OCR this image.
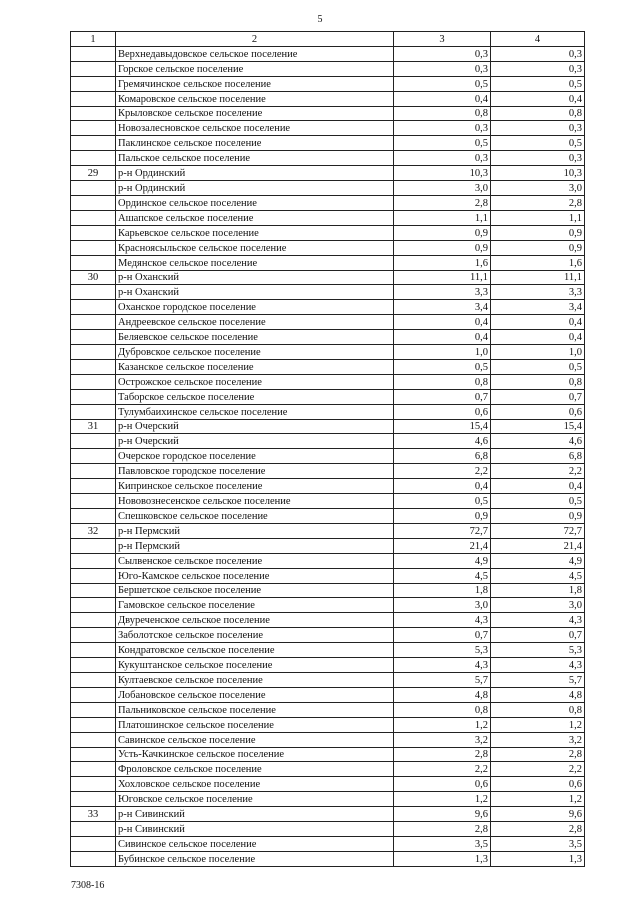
5
1	2	3	4
	Верхнедавыдовское сельское поселение	0,3	0,3
	Горское сельское поселение	0,3	0,3
	Гремячинское сельское поселение	0,5	0,5
	Комаровское сельское поселение	0,4	0,4
	Крыловское сельское поселение	0,8	0,8
	Новозалесновское сельское поселение	0,3	0,3
	Паклинское сельское поселение	0,5	0,5
	Пальское сельское поселение	0,3	0,3
29	р-н Ординский	10,3	10,3
	р-н Ординский	3,0	3,0
	Ординское сельское поселение	2,8	2,8
	Ашапское сельское поселение	1,1	1,1
	Карьевское сельское поселение	0,9	0,9
	Красноясыльское сельское поселение	0,9	0,9
	Медянское сельское поселение	1,6	1,6
30	р-н Оханский	11,1	11,1
	р-н Оханский	3,3	3,3
	Оханское городское поселение	3,4	3,4
	Андреевское сельское поселение	0,4	0,4
	Беляевское сельское поселение	0,4	0,4
	Дубровское сельское поселение	1,0	1,0
	Казанское сельское поселение	0,5	0,5
	Острожское сельское поселение	0,8	0,8
	Таборское сельское поселение	0,7	0,7
	Тулумбаихинское сельское поселение	0,6	0,6
31	р-н Очерский	15,4	15,4
	р-н Очерский	4,6	4,6
	Очерское городское поселение	6,8	6,8
	Павловское городское поселение	2,2	2,2
	Кипринское сельское поселение	0,4	0,4
	Нововознесенское сельское поселение	0,5	0,5
	Спешковское сельское поселение	0,9	0,9
32	р-н Пермский	72,7	72,7
	р-н Пермский	21,4	21,4
	Сылвенское сельское поселение	4,9	4,9
	Юго-Камское сельское поселение	4,5	4,5
	Бершетское сельское поселение	1,8	1,8
	Гамовское сельское поселение	3,0	3,0
	Двуреченское сельское поселение	4,3	4,3
	Заболотское сельское поселение	0,7	0,7
	Кондратовское сельское поселение	5,3	5,3
	Кукуштанское сельское поселение	4,3	4,3
	Култаевское сельское поселение	5,7	5,7
	Лобановское сельское поселение	4,8	4,8
	Пальниковское сельское поселение	0,8	0,8
	Платошинское сельское поселение	1,2	1,2
	Савинское сельское поселение	3,2	3,2
	Усть-Качкинское сельское поселение	2,8	2,8
	Фроловское сельское поселение	2,2	2,2
	Хохловское сельское поселение	0,6	0,6
	Юговское сельское поселение	1,2	1,2
33	р-н Сивинский	9,6	9,6
	р-н Сивинский	2,8	2,8
	Сивинское сельское поселение	3,5	3,5
	Бубинское сельское поселение	1,3	1,3
7308-16
